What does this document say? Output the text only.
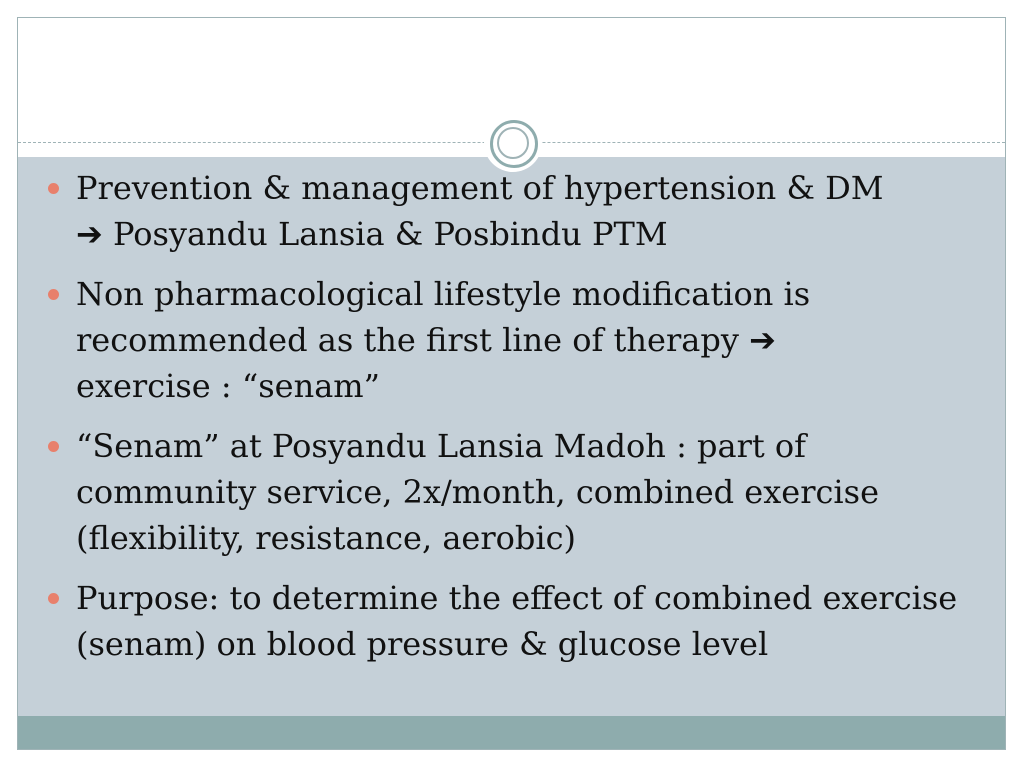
Prevention & management of hypertension & DM
➔ Posyandu Lansia & Posbindu PTM
Non pharmacological lifestyle modification is recommended as the first line of therapy ➔
exercise : “senam”
“Senam” at Posyandu Lansia Madoh : part of community service, 2x/month, combined exercise (flexibility, resistance, aerobic)
Purpose: to determine the effect of combined exercise (senam) on blood pressure & glucose level
